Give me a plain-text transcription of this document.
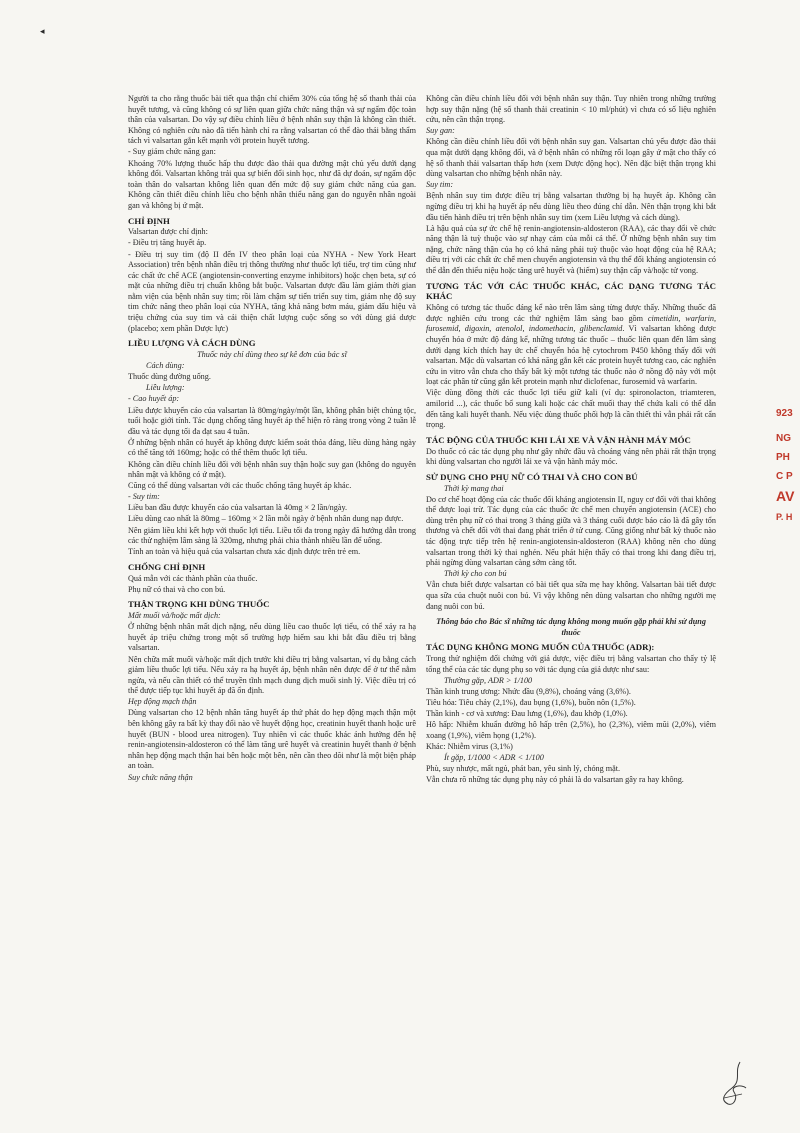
◂

Người ta cho rằng thuốc bài tiết qua thận chỉ chiếm 30% của tổng hệ số thanh thải của huyết tương, và cũng không có sự liên quan giữa chức năng thận và sự ngấm độc toàn thân của valsartan. Do vậy sự điều chỉnh liều ở bệnh nhân suy thận là không cần thiết. Không có nghiên cứu nào đã tiến hành chỉ ra rằng valsartan có thể đào thải bằng thẩm tách vì valsartan gắn kết mạnh với protein huyết tương.

- Suy giảm chức năng gan:

Khoảng 70% lượng thuốc hấp thu được đào thải qua đường mật chủ yếu dưới dạng không đổi. Valsartan không trải qua sự biến đổi sinh học, như đã dự đoán, sự ngấm độc toàn thân do valsartan không liên quan đến mức độ suy giảm chức năng của gan. Không cần thiết điều chỉnh liều cho bệnh nhân thiểu năng gan do nguyên nhân ngoài gan và không bị ứ mật.

CHỈ ĐỊNH

Valsartan được chỉ định:

- Điều trị tăng huyết áp.

- Điều trị suy tim (độ II đến IV theo phân loại của NYHA - New York Heart Association) trên bệnh nhân điều trị thông thường như thuốc lợi tiểu, trợ tim cũng như các chất ức chế ACE (angiotensin-converting enzyme inhibitors) hoặc chẹn beta, sự có mặt của những điều trị chuẩn không bắt buộc. Valsartan được đầu làm giảm thời gian nằm viện của bệnh nhân suy tim; rồi làm chậm sự tiến triển suy tim, giảm nhẹ độ suy tim chức năng theo phân loại của NYHA, tăng khả năng bơm máu, giảm dấu hiệu và triệu chứng của suy tim và cải thiện chất lượng cuộc sống so với dùng giả dược (placebo; xem phần Dược lực)

LIỀU LƯỢNG VÀ CÁCH DÙNG

Thuốc này chỉ dùng theo sự kê đơn của bác sĩ

Cách dùng:

Thuốc dùng đường uống.

Liều lượng:

- Cao huyết áp:

Liều được khuyến cáo của valsartan là 80mg/ngày/một lần, không phân biệt chủng tộc, tuổi hoặc giới tính. Tác dụng chống tăng huyết áp thể hiện rõ ràng trong vòng 2 tuần lễ đầu và tác dụng tối đa đạt sau 4 tuần.

Ở những bệnh nhân có huyết áp không được kiểm soát thỏa đáng, liều dùng hàng ngày có thể tăng tới 160mg; hoặc có thể thêm thuốc lợi tiểu.

Không cần điều chỉnh liều đối với bệnh nhân suy thận hoặc suy gan (không do nguyên nhân mật và không có ứ mật).

Cũng có thể dùng valsartan với các thuốc chống tăng huyết áp khác.

- Suy tim:

Liều ban đầu được khuyến cáo của valsartan là 40mg × 2 lần/ngày.

Liều dùng cao nhất là 80mg – 160mg × 2 lần mỗi ngày ở bệnh nhân dung nạp được.

Nên giảm liều khi kết hợp với thuốc lợi tiểu. Liều tối đa trong ngày đã hướng dẫn trong các thử nghiệm lâm sàng là 320mg, nhưng phải chia thành nhiều lần để uống.

Tính an toàn và hiệu quả của valsartan chưa xác định được trên trẻ em.

CHỐNG CHỈ ĐỊNH

Quá mẫn với các thành phần của thuốc.

Phụ nữ có thai và cho con bú.

THẬN TRỌNG KHI DÙNG THUỐC

Mất muối và/hoặc mất dịch:

Ở những bệnh nhân mất dịch nặng, nếu dùng liều cao thuốc lợi tiểu, có thể xảy ra hạ huyết áp triệu chứng trong một số trường hợp hiếm sau khi bắt đầu điều trị bằng valsartan.

Nên chữa mất muối và/hoặc mất dịch trước khi điều trị bằng valsartan, ví dụ bằng cách giảm liều thuốc lợi tiểu. Nếu xảy ra hạ huyết áp, bệnh nhân nên được để ở tư thế nằm ngửa, và nếu cần thiết có thể truyền tĩnh mạch dung dịch muối sinh lý. Việc điều trị có thể được tiếp tục khi huyết áp đã ổn định.

Hẹp động mạch thận

Dùng valsartan cho 12 bệnh nhân tăng huyết áp thứ phát do hẹp động mạch thận một bên không gây ra bất kỳ thay đổi nào về huyết động học, creatinin huyết thanh hoặc urê huyết (BUN - blood urea nitrogen). Tuy nhiên vì các thuốc khác ảnh hưởng đến hệ renin-angiotensin-aldosteron có thể làm tăng urê huyết và creatinin huyết thanh ở bệnh nhân hẹp động mạch thận hai bên hoặc một bên, nên cần theo dõi như là một biện pháp an toàn.

Suy chức năng thận

Không cần điều chỉnh liều đối với bệnh nhân suy thận. Tuy nhiên trong những trường hợp suy thận nặng (hệ số thanh thải creatinin < 10 ml/phút) vì chưa có số liệu nghiên cứu, nên cần thận trọng.

Suy gan:

Không cần điều chỉnh liều đối với bệnh nhân suy gan. Valsartan chủ yếu được đào thải qua mật dưới dạng không đổi, và ở bệnh nhân có những rối loạn gây ứ mật cho thấy có hệ số thanh thải valsartan thấp hơn (xem Dược động học). Nên đặc biệt thận trọng khi dùng valsartan cho những bệnh nhân này.

Suy tim:

Bệnh nhân suy tim được điều trị bằng valsartan thường bị hạ huyết áp. Không cần ngừng điều trị khi hạ huyết áp nếu dùng liều theo đúng chỉ dẫn. Nên thận trọng khi bắt đầu tiến hành điều trị trên bệnh nhân suy tim (xem Liều lượng và cách dùng).

Là hậu quả của sự ức chế hệ renin-angiotensin-aldosteron (RAA), các thay đổi về chức năng thận là tuỳ thuộc vào sự nhạy cảm của mỗi cá thể. Ở những bệnh nhân suy tim nặng, chức năng thận của họ có khả năng phải tuỳ thuộc vào hoạt động của hệ RAA; điều trị với các chất ức chế men chuyển angiotensin và thụ thể đối kháng angiotensin có thể dẫn đến thiểu niệu hoặc tăng urê huyết và (hiếm) suy thận cấp và/hoặc tử vong.

TƯƠNG TÁC VỚI CÁC THUỐC KHÁC, CÁC DẠNG TƯƠNG TÁC KHÁC

Không có tương tác thuốc đáng kể nào trên lâm sàng từng được thấy. Những thuốc đã được nghiên cứu trong các thử nghiệm lâm sàng bao gồm cimetidin, warfarin, furosemid, digoxin, atenolol, indomethacin, glibenclamid. Vì valsartan không được chuyển hóa ở mức độ đáng kể, những tương tác thuốc – thuốc liên quan đến lâm sàng dưới dạng kích thích hay ức chế chuyển hóa hệ cytochrom P450 không thấy đối với valsartan. Mặc dù valsartan có khả năng gắn kết các protein huyết tương cao, các nghiên cứu in vitro vẫn chưa cho thấy bất kỳ một tương tác thuốc nào ở nồng độ này với một loạt các phân tử cũng gắn kết protein mạnh như diclofenac, furosemid và warfarin.

Việc dùng đồng thời các thuốc lợi tiểu giữ kali (ví dụ: spironolacton, triamteren, amilorid ...), các thuốc bổ sung kali hoặc các chất muối thay thế chứa kali có thể dẫn đến tăng kali huyết thanh. Nếu việc dùng thuốc phối hợp là cần thiết thì vẫn phải rất cẩn trọng.

TÁC ĐỘNG CỦA THUỐC KHI LÁI XE VÀ VẬN HÀNH MÁY MÓC

Do thuốc có các tác dụng phụ như gây nhức đầu và choáng váng nên phải rất thận trọng khi dùng valsartan cho người lái xe và vận hành máy móc.

SỬ DỤNG CHO PHỤ NỮ CÓ THAI VÀ CHO CON BÚ

Thời kỳ mang thai

Do cơ chế hoạt động của các thuốc đối kháng angiotensin II, nguy cơ đối với thai không thể được loại trừ. Tác dụng của các thuốc ức chế men chuyển angiotensin (ACE) cho dùng trên phụ nữ có thai trong 3 tháng giữa và 3 tháng cuối được báo cáo là đã gây tổn thương và chết đối với thai đang phát triển ở tử cung. Cũng giống như bất kỳ thuốc nào tác động trực tiếp trên hệ renin-angiotensin-aldosteron (RAA) không nên cho dùng valsartan trong thời kỳ thai nghén. Nếu phát hiện thấy có thai trong khi đang điều trị, phải ngừng dùng valsartan càng sớm càng tốt.

Thời kỳ cho con bú

Vẫn chưa biết được valsartan có bài tiết qua sữa mẹ hay không. Valsartan bài tiết được qua sữa của chuột nuôi con bú. Vì vậy không nên dùng valsartan cho những người mẹ đang nuôi con bú.

Thông báo cho Bác sĩ những tác dụng không mong muốn gặp phải khi sử dụng thuốc

TÁC DỤNG KHÔNG MONG MUỐN CỦA THUỐC (ADR):

Trong thử nghiệm đối chứng với giả dược, việc điều trị bằng valsartan cho thấy tỷ lệ tổng thể của các tác dụng phụ so với tác dụng của giả dược như sau:

Thường gặp, ADR > 1/100

Thần kinh trung ương: Nhức đầu (9,8%), choáng váng (3,6%).

Tiêu hóa: Tiêu chảy (2,1%), đau bụng (1,6%), buồn nôn (1,5%).

Thần kinh - cơ và xương: Đau lưng (1,6%), đau khớp (1,0%).

Hô hấp: Nhiễm khuẩn đường hô hấp trên (2,5%), ho (2,3%), viêm mũi (2,0%), viêm xoang (1,9%), viêm họng (1,2%).

Khác: Nhiễm virus (3,1%)

Ít gặp, 1/1000 < ADR < 1/100

Phù, suy nhược, mất ngủ, phát ban, yêu sinh lý, chóng mặt.

Vẫn chưa rõ những tác dụng phụ này có phải là do valsartan gây ra hay không.

923
NG
PH
C P
AV
P. H
